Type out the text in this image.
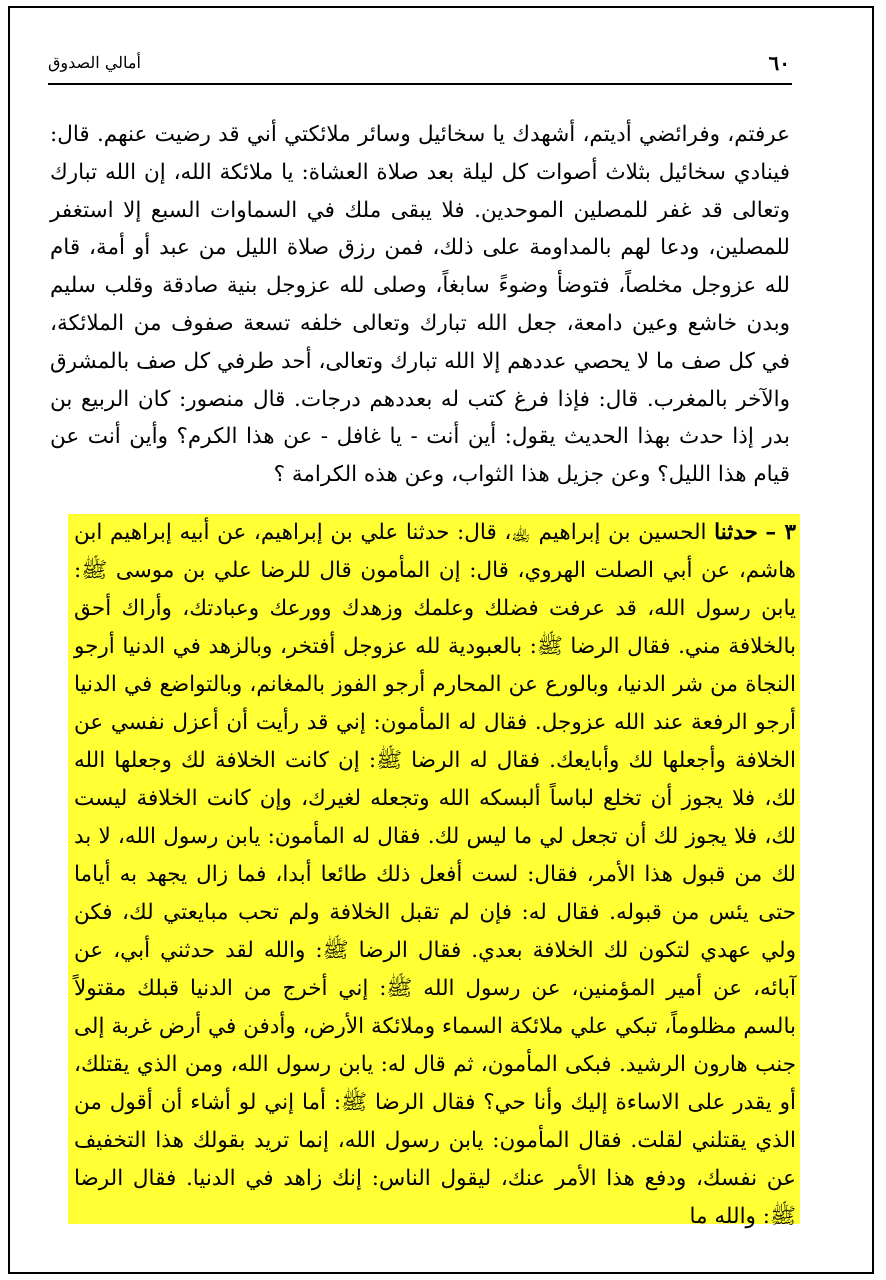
أمالي الصدوق	٦٠

عرفتم، وفرائضي أديتم، أشهدك يا سخائيل وسائر ملائكتي أني قد رضيت عنهم. قال: فينادي سخائيل بثلاث أصوات كل ليلة بعد صلاة العشاة: يا ملائكة الله، إن الله تبارك وتعالى قد غفر للمصلين الموحدين. فلا يبقى ملك في السماوات السبع إلا استغفر للمصلين، ودعا لهم بالمداومة على ذلك، فمن رزق صلاة الليل من عبد أو أمة، قام لله عزوجل مخلصاً، فتوضأ وضوءً سابغاً، وصلى لله عزوجل بنية صادقة وقلب سليم وبدن خاشع وعين دامعة، جعل الله تبارك وتعالى خلفه تسعة صفوف من الملائكة، في كل صف ما لا يحصي عددهم إلا الله تبارك وتعالى، أحد طرفي كل صف بالمشرق والآخر بالمغرب. قال: فإذا فرغ كتب له بعددهم درجات. قال منصور: كان الربيع بن بدر إذا حدث بهذا الحديث يقول: أين أنت - يا غافل - عن هذا الكرم؟ وأين أنت عن قيام هذا الليل؟ وعن جزيل هذا الثواب، وعن هذه الكرامة ؟

٣ – حدثنا الحسين بن إبراهيم ﵀، قال: حدثنا علي بن إبراهيم، عن أبيه إبراهيم ابن هاشم، عن أبي الصلت الهروي، قال: إن المأمون قال للرضا علي بن موسى ﷺ: يابن رسول الله، قد عرفت فضلك وعلمك وزهدك وورعك وعبادتك، وأراك أحق بالخلافة مني. فقال الرضا ﷺ: بالعبودية لله عزوجل أفتخر، وبالزهد في الدنيا أرجو النجاة من شر الدنيا، وبالورع عن المحارم أرجو الفوز بالمغانم، وبالتواضع في الدنيا أرجو الرفعة عند الله عزوجل. فقال له المأمون: إني قد رأيت أن أعزل نفسي عن الخلافة وأجعلها لك وأبايعك. فقال له الرضا ﷺ: إن كانت الخلافة لك وجعلها الله لك، فلا يجوز أن تخلع لباساً ألبسكه الله وتجعله لغيرك، وإن كانت الخلافة ليست لك، فلا يجوز لك أن تجعل لي ما ليس لك. فقال له المأمون: يابن رسول الله، لا بد لك من قبول هذا الأمر، فقال: لست أفعل ذلك طائعا أبدا، فما زال يجهد به أياما حتى يئس من قبوله. فقال له: فإن لم تقبل الخلافة ولم تحب مبايعتي لك، فكن ولي عهدي لتكون لك الخلافة بعدي. فقال الرضا ﷺ: والله لقد حدثني أبي، عن آبائه، عن أمير المؤمنين، عن رسول الله ﷺ: إني أخرج من الدنيا قبلك مقتولاً بالسم مظلوماً، تبكي علي ملائكة السماء وملائكة الأرض، وأدفن في أرض غربة إلى جنب هارون الرشيد. فبكى المأمون، ثم قال له: يابن رسول الله، ومن الذي يقتلك، أو يقدر على الاساءة إليك وأنا حي؟ فقال الرضا ﷺ: أما إني لو أشاء أن أقول من الذي يقتلني لقلت. فقال المأمون: يابن رسول الله، إنما تريد بقولك هذا التخفيف عن نفسك، ودفع هذا الأمر عنك، ليقول الناس: إنك زاهد في الدنيا. فقال الرضا ﷺ: والله ما
